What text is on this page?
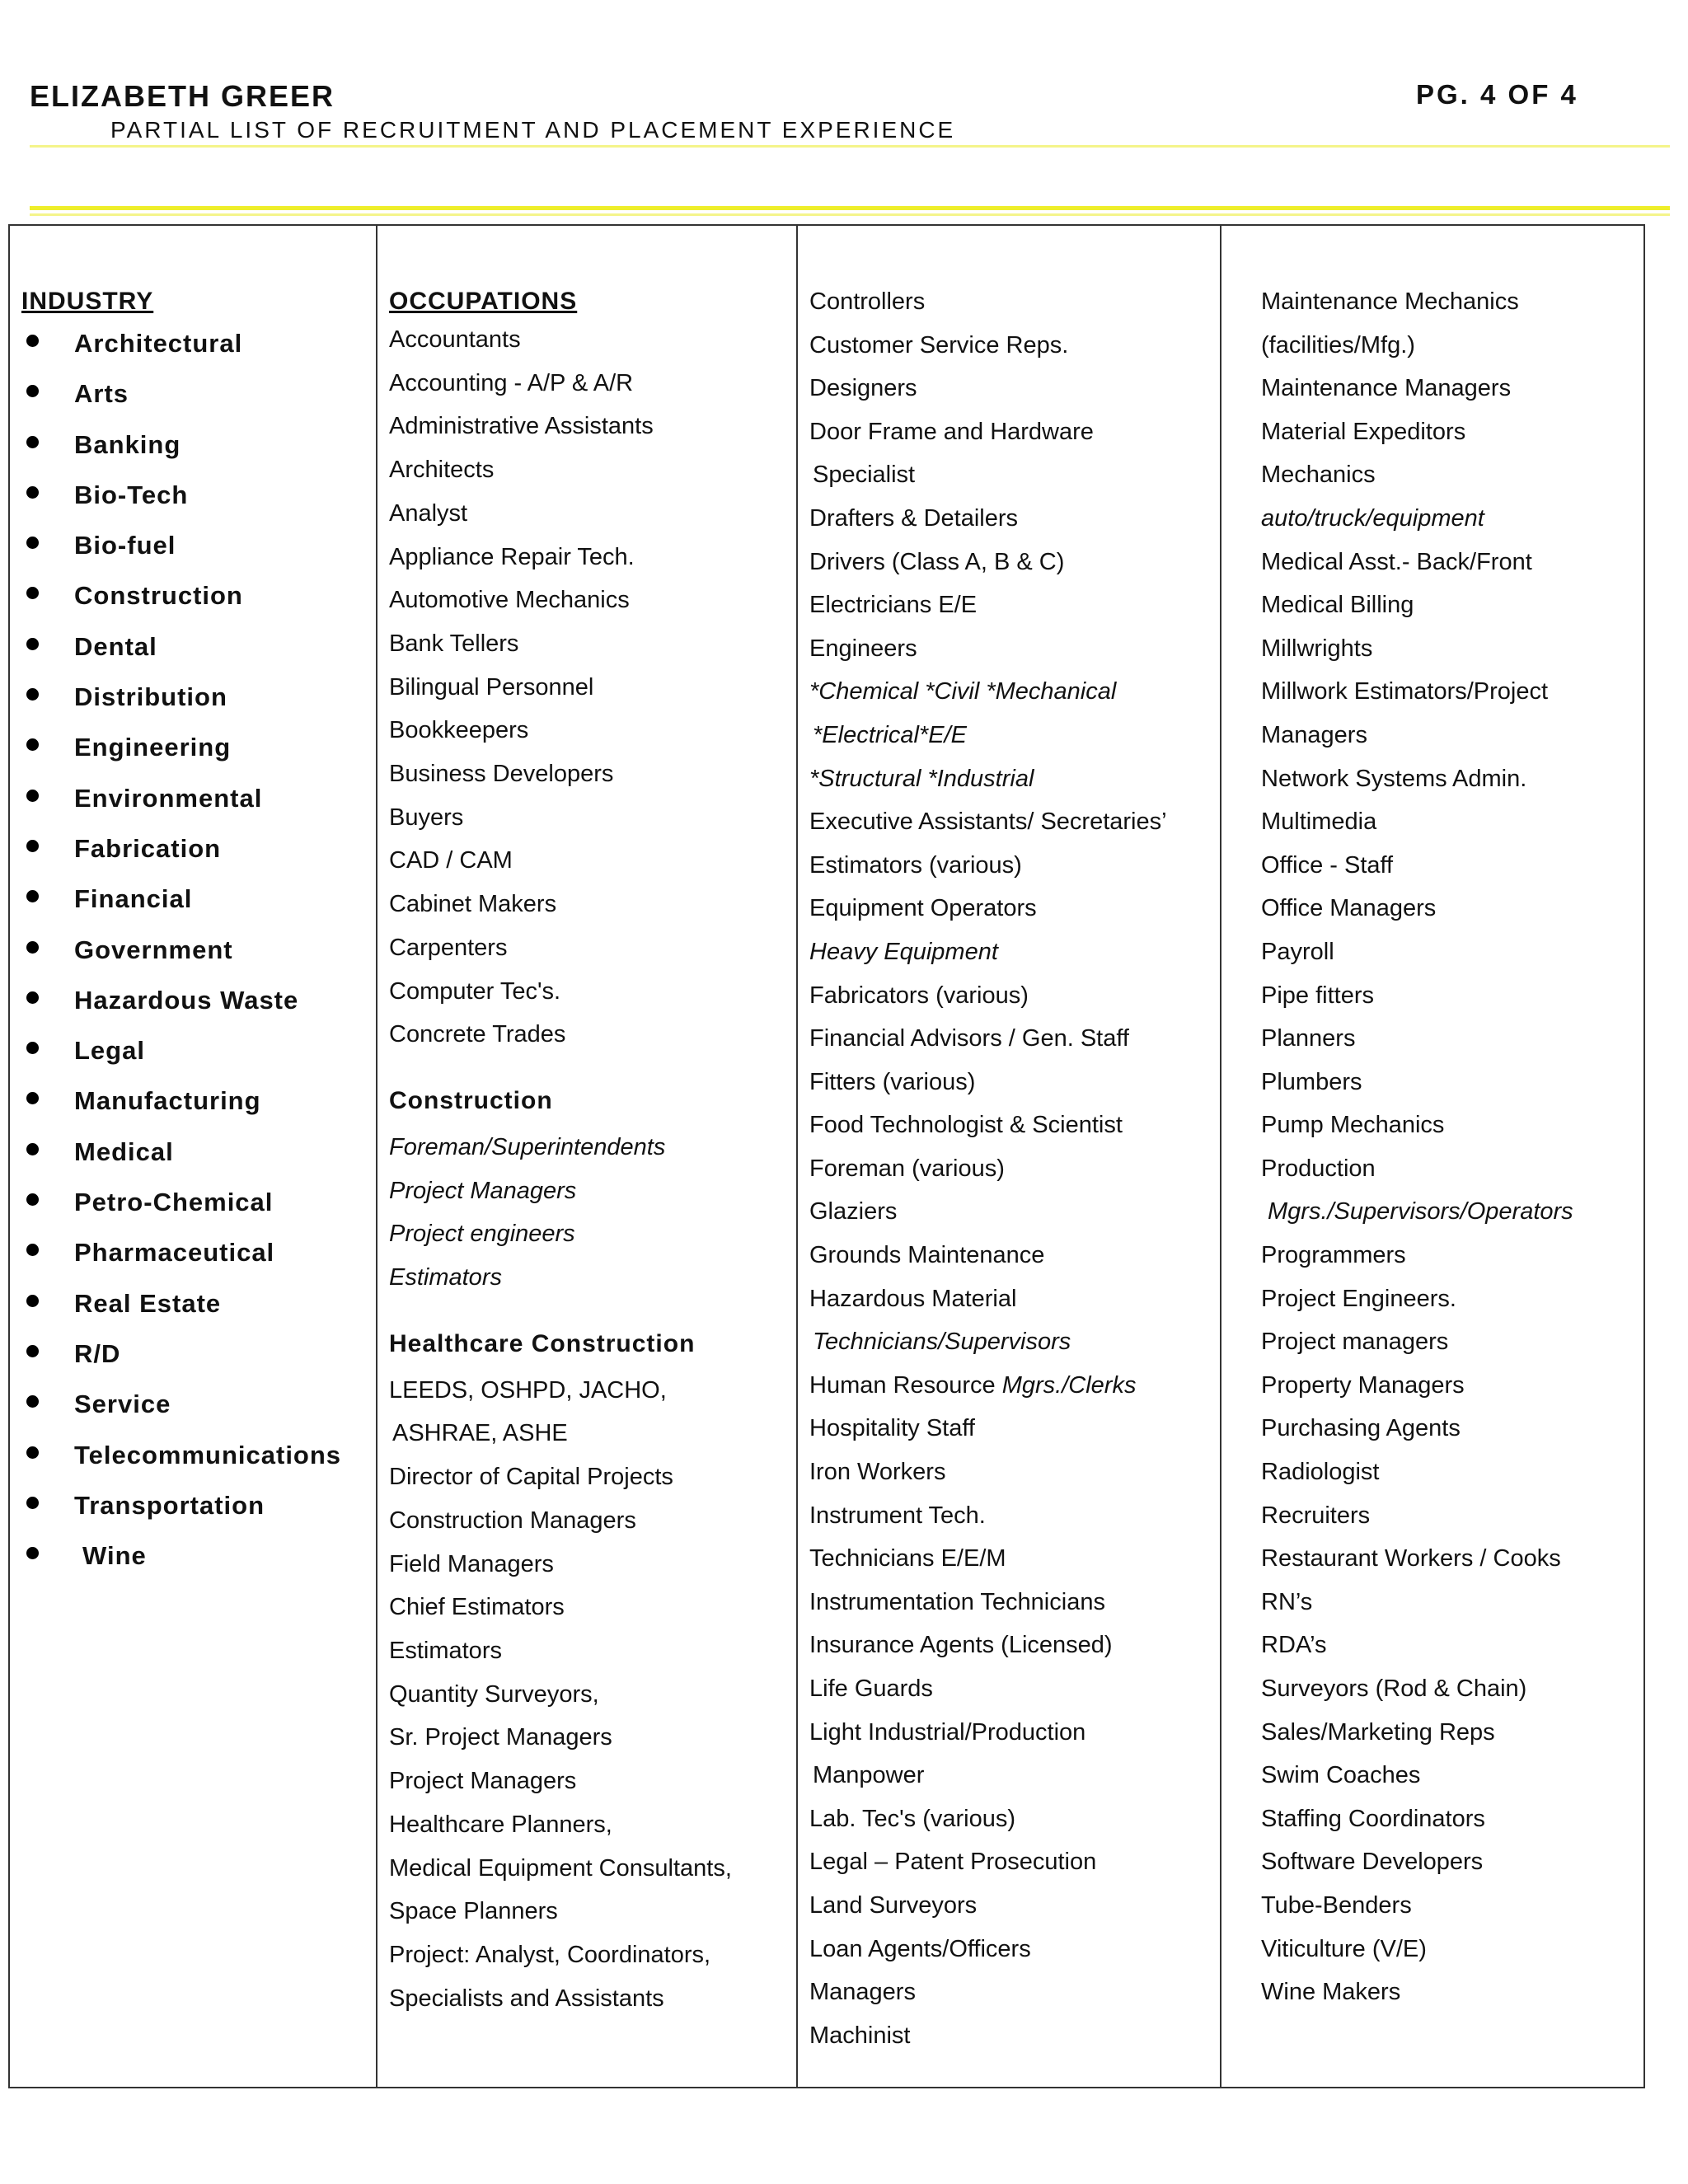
ELIZABETH GREER	PG. 4 OF 4
PARTIAL LIST OF RECRUITMENT AND PLACEMENT EXPERIENCE
INDUSTRY
Architectural
Arts
Banking
Bio-Tech
Bio-fuel
Construction
Dental
Distribution
Engineering
Environmental
Fabrication
Financial
Government
Hazardous Waste
Legal
Manufacturing
Medical
Petro-Chemical
Pharmaceutical
Real Estate
R/D
Service
Telecommunications
Transportation
Wine
OCCUPATIONS
Accountants
Accounting - A/P & A/R
Administrative Assistants
Architects
Analyst
Appliance Repair Tech.
Automotive Mechanics
Bank Tellers
Bilingual Personnel
Bookkeepers
Business Developers
Buyers
CAD / CAM
Cabinet Makers
Carpenters
Computer Tec's.
Concrete Trades
Construction
Foreman/Superintendents
Project Managers
Project engineers
Estimators
Healthcare Construction
LEEDS, OSHPD, JACHO,
ASHRAE, ASHE
Director of Capital Projects
Construction Managers
Field Managers
Chief Estimators
Estimators
Quantity Surveyors,
Sr. Project Managers
Project Managers
Healthcare Planners,
Medical Equipment Consultants,
Space Planners
Project: Analyst, Coordinators,
Specialists and Assistants
Controllers
Customer Service Reps.
Designers
Door Frame and Hardware
Specialist
Drafters & Detailers
Drivers (Class A, B & C)
Electricians E/E
Engineers
*Chemical *Civil *Mechanical
*Electrical*E/E
*Structural *Industrial
Executive Assistants/ Secretaries’
Estimators (various)
Equipment Operators
Heavy Equipment
Fabricators (various)
Financial Advisors / Gen. Staff
Fitters (various)
Food Technologist & Scientist
Foreman (various)
Glaziers
Grounds Maintenance
Hazardous Material
Technicians/Supervisors
Human Resource Mgrs./Clerks
Hospitality Staff
Iron Workers
Instrument Tech.
Technicians E/E/M
Instrumentation Technicians
Insurance Agents (Licensed)
Life Guards
Light Industrial/Production
Manpower
Lab. Tec's (various)
Legal – Patent Prosecution
Land Surveyors
Loan Agents/Officers
Managers
Machinist
Maintenance Mechanics
(facilities/Mfg.)
Maintenance Managers
Material Expeditors
Mechanics
auto/truck/equipment
Medical Asst.- Back/Front
Medical Billing
Millwrights
Millwork Estimators/Project
Managers
Network Systems Admin.
Multimedia
Office - Staff
Office Managers
Payroll
Pipe fitters
Planners
Plumbers
Pump Mechanics
Production
Mgrs./Supervisors/Operators
Programmers
Project Engineers.
Project managers
Property Managers
Purchasing Agents
Radiologist
Recruiters
Restaurant Workers / Cooks
RN’s
RDA’s
Surveyors (Rod & Chain)
Sales/Marketing Reps
Swim Coaches
Staffing Coordinators
Software Developers
Tube-Benders
Viticulture (V/E)
Wine Makers
